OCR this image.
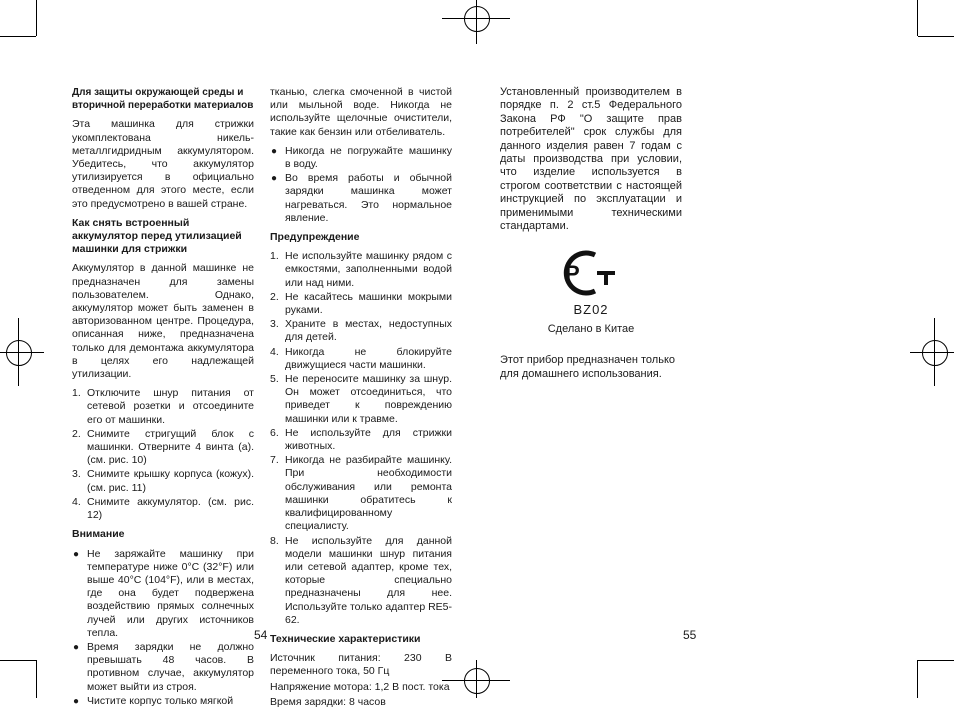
Для защиты окружающей среды и вторичной переработки материалов
Эта машинка для стрижки укомплектована никель-металлгидридным аккумулятором. Убедитесь, что аккумулятор утилизируется в официально отведенном для этого месте, если это предусмотрено в вашей стране.
Как снять встроенный аккумулятор перед утилизацией машинки для стрижки
Аккумулятор в данной машинке не предназначен для замены пользователем. Однако, аккумулятор может быть заменен в авторизованном центре. Процедура, описанная ниже, предназначена только для демонтажа аккумулятора в целях его надлежащей утилизации.
1. Отключите шнур питания от сетевой розетки и отсоедините его от машинки.
2. Снимите стригущий блок с машинки. Отверните 4 винта (а). (см. рис. 10)
3. Снимите крышку корпуса (кожух). (см. рис. 11)
4. Снимите аккумулятор. (см. рис. 12)
Внимание
● Не заряжайте машинку при температуре ниже 0°С (32°F) или выше 40°С (104°F), или в местах, где она будет подвержена воздействию прямых солнечных лучей или других источников тепла.
● Время зарядки не должно превышать 48 часов. В противном случае, аккумулятор может выйти из строя.
● Чистите корпус только мягкой
тканью, слегка смоченной в чистой или мыльной воде. Никогда не используйте щелочные очистители, такие как бензин или отбеливатель.
● Никогда не погружайте машинку в воду.
● Во время работы и обычной зарядки машинка может нагреваться. Это нормальное явление.
Предупреждение
1. Не используйте машинку рядом с емкостями, заполненными водой или над ними.
2. Не касайтесь машинки мокрыми руками.
3. Храните в местах, недоступных для детей.
4. Никогда не блокируйте движущиеся части машинки.
5. Не переносите машинку за шнур. Он может отсоединиться, что приведет к повреждению машинки или к травме.
6. Не используйте для стрижки животных.
7. Никогда не разбирайте машинку. При необходимости обслуживания или ремонта машинки обратитесь к квалифицированному специалисту.
8. Не используйте для данной модели машинки шнур питания или сетевой адаптер, кроме тех, которые специально предназначены для нее. Используйте только адаптер RE5-62.
Технические характеристики
Источник питания: 230 В переменного тока, 50 Гц
Напряжение мотора: 1,2 В пост. тока
Время зарядки: 8 часов
Установленный производителем в порядке п. 2 ст.5 Федерального Закона РФ "О защите прав потребителей" срок службы для данного изделия равен 7 годам с даты производства при условии, что изделие используется в строгом соответствии с настоящей инструкцией по эксплуатации и применимыми техническими стандартами.
P
BZ02
Сделано в Китае
Этот прибор предназначен только для домашнего использования.
54	55
